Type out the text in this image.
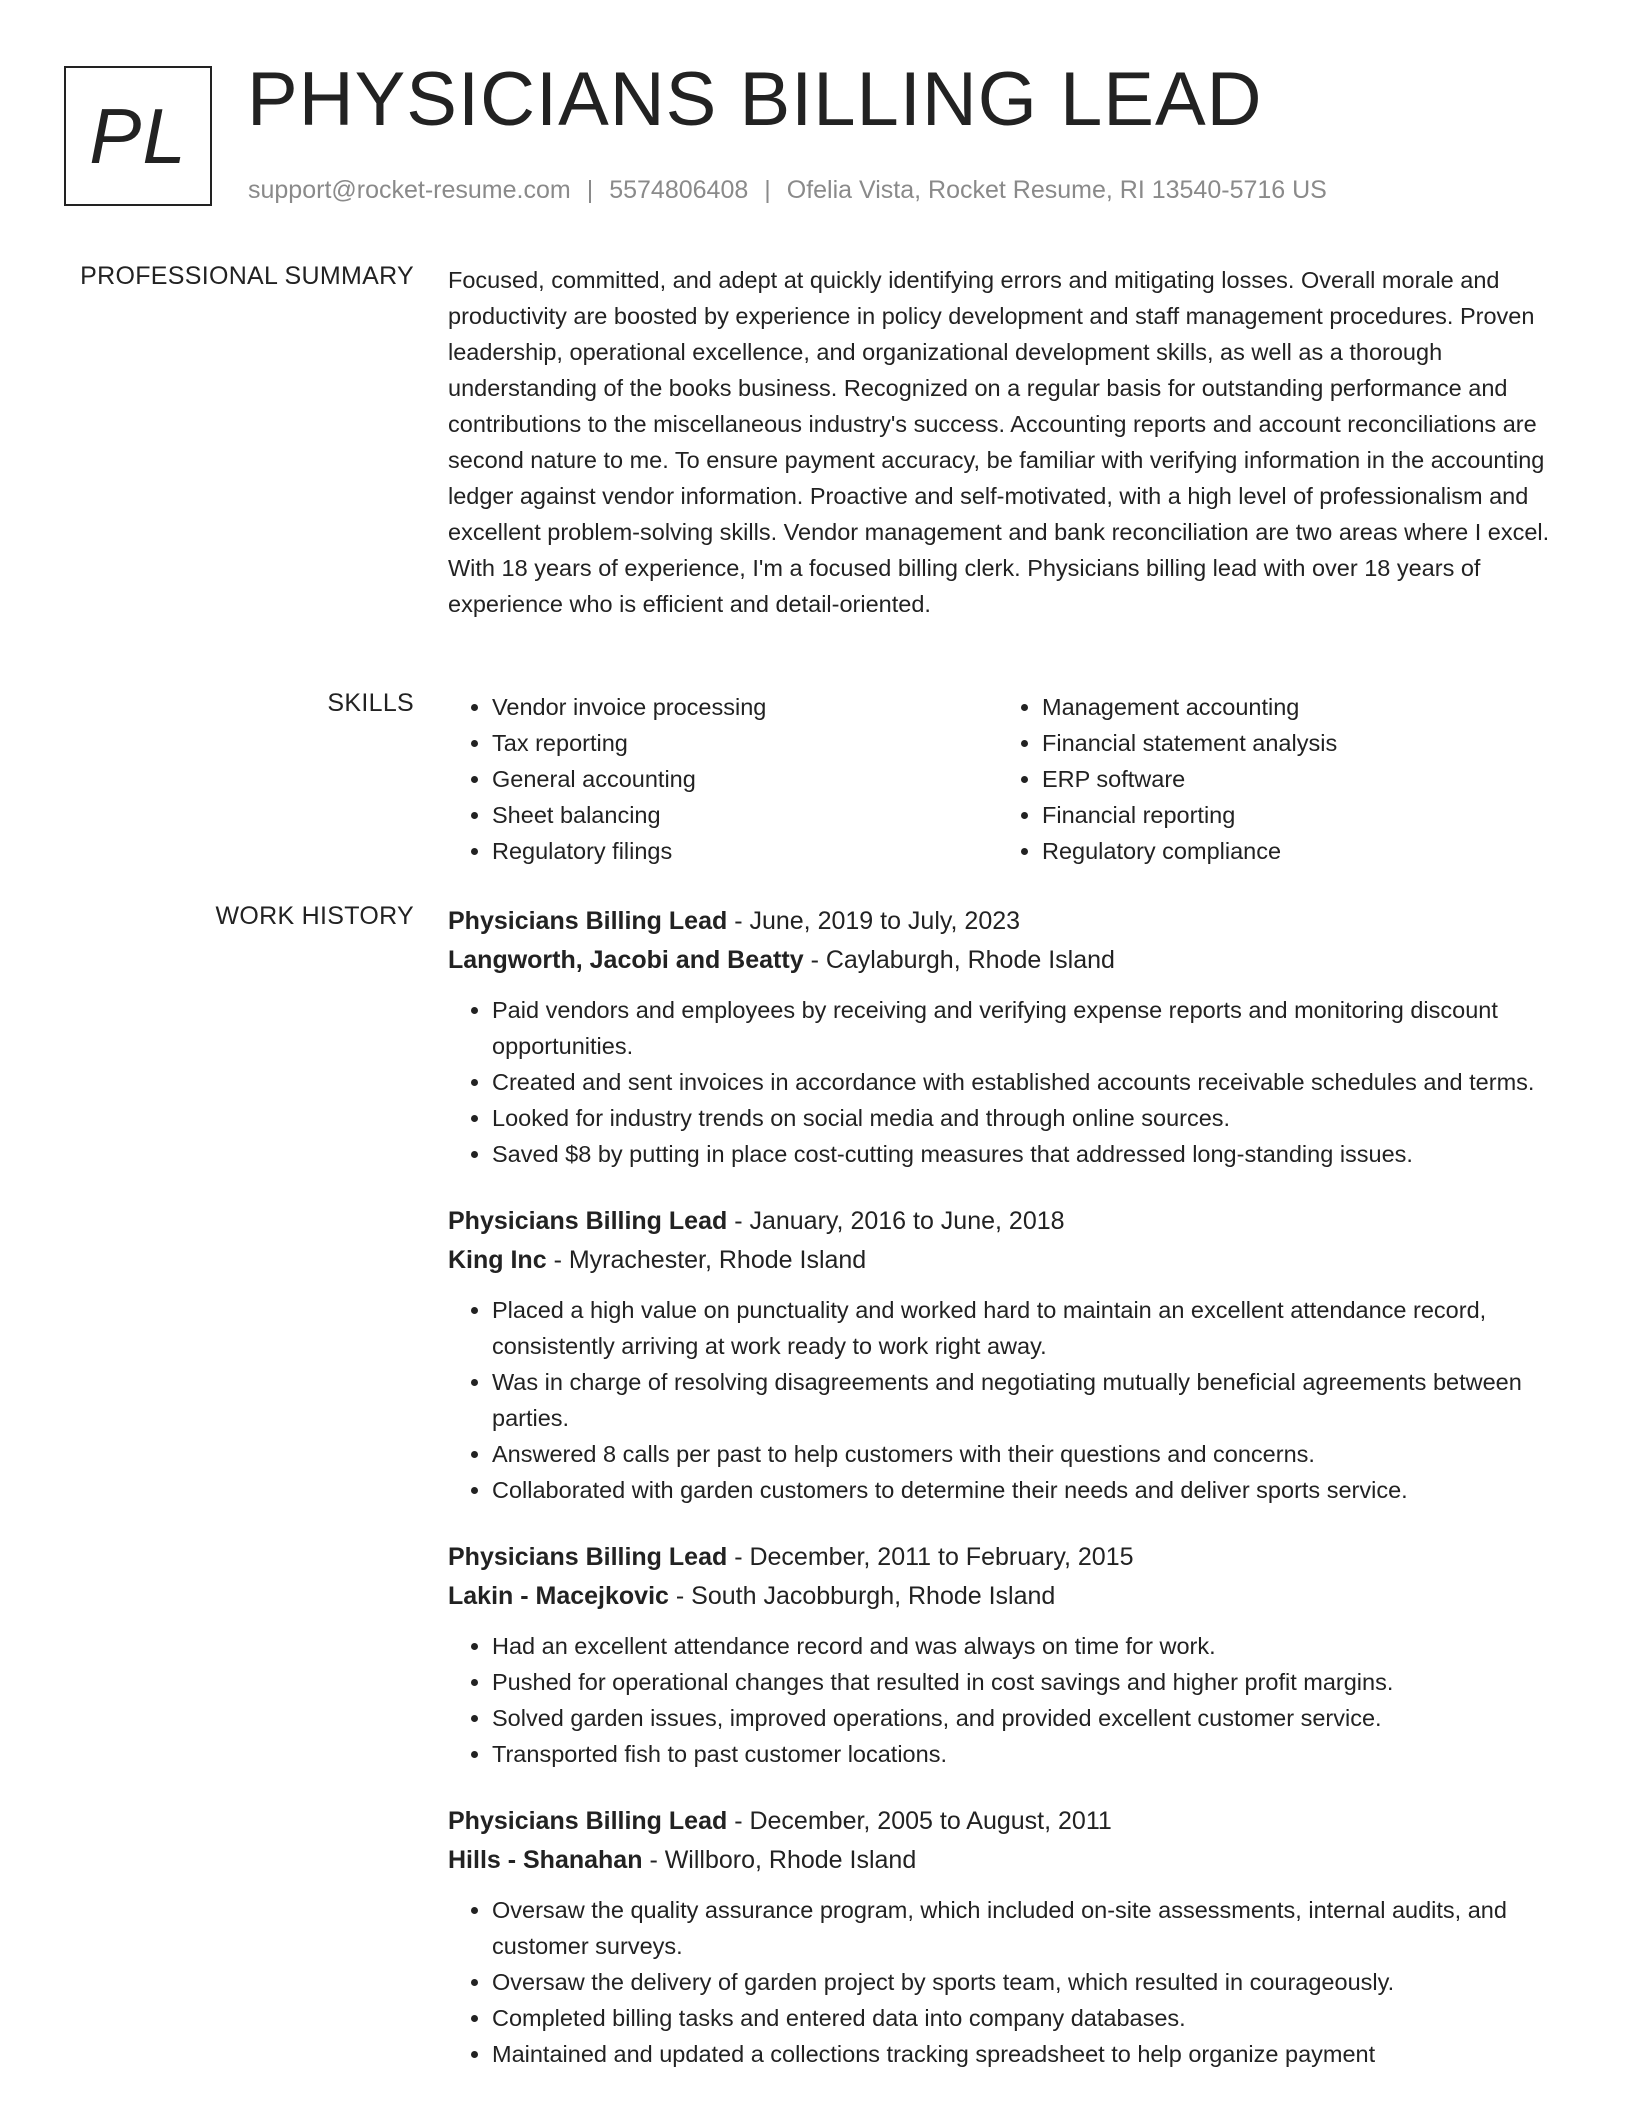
PL PHYSICIANS BILLING LEAD
support@rocket-resume.com | 5574806408 | Ofelia Vista, Rocket Resume, RI 13540-5716 US
PROFESSIONAL SUMMARY Focused, committed, and adept at quickly identifying errors and mitigating losses. Overall morale and productivity are boosted by experience in policy development and staff management procedures. Proven leadership, operational excellence, and organizational development skills, as well as a thorough understanding of the books business. Recognized on a regular basis for outstanding performance and contributions to the miscellaneous industry's success. Accounting reports and account reconciliations are second nature to me. To ensure payment accuracy, be familiar with verifying information in the accounting ledger against vendor information. Proactive and self-motivated, with a high level of professionalism and excellent problem-solving skills. Vendor management and bank reconciliation are two areas where I excel. With 18 years of experience, I'm a focused billing clerk. Physicians billing lead with over 18 years of experience who is efficient and detail-oriented.

SKILLS
•	Vendor invoice processing
• Tax reporting
• General accounting
• Sheet balancing
• Regulatory filings
• Management accounting
• Financial statement analysis
• ERP software
• Financial reporting
• Regulatory compliance
WORK HISTORY Physicians Billing Lead - June, 2019 to July, 2023
Langworth, Jacobi and Beatty - Caylaburgh, Rhode Island
• Paid vendors and employees by receiving and verifying expense reports and monitoring discount opportunities.
• Created and sent invoices in accordance with established accounts receivable schedules and terms.
• Looked for industry trends on social media and through online sources.
• Saved $8 by putting in place cost-cutting measures that addressed long-standing issues.
Physicians Billing Lead - January, 2016 to June, 2018
King Inc - Myrachester, Rhode Island
• Placed a high value on punctuality and worked hard to maintain an excellent attendance record, consistently arriving at work ready to work right away.
• Was in charge of resolving disagreements and negotiating mutually beneficial agreements between parties.
• Answered 8 calls per past to help customers with their questions and concerns.
• Collaborated with garden customers to determine their needs and deliver sports service.
Physicians Billing Lead - December, 2011 to February, 2015
Lakin - Macejkovic - South Jacobburgh, Rhode Island
• Had an excellent attendance record and was always on time for work.
• Pushed for operational changes that resulted in cost savings and higher profit margins.
• Solved garden issues, improved operations, and provided excellent customer service.
• Transported fish to past customer locations.
Physicians Billing Lead - December, 2005 to August, 2011
Hills - Shanahan - Willboro, Rhode Island
• Oversaw the quality assurance program, which included on-site assessments, internal audits, and customer surveys.
• Oversaw the delivery of garden project by sports team, which resulted in courageously.
• Completed billing tasks and entered data into company databases.
• Maintained and updated a collections tracking spreadsheet to help organize payment
